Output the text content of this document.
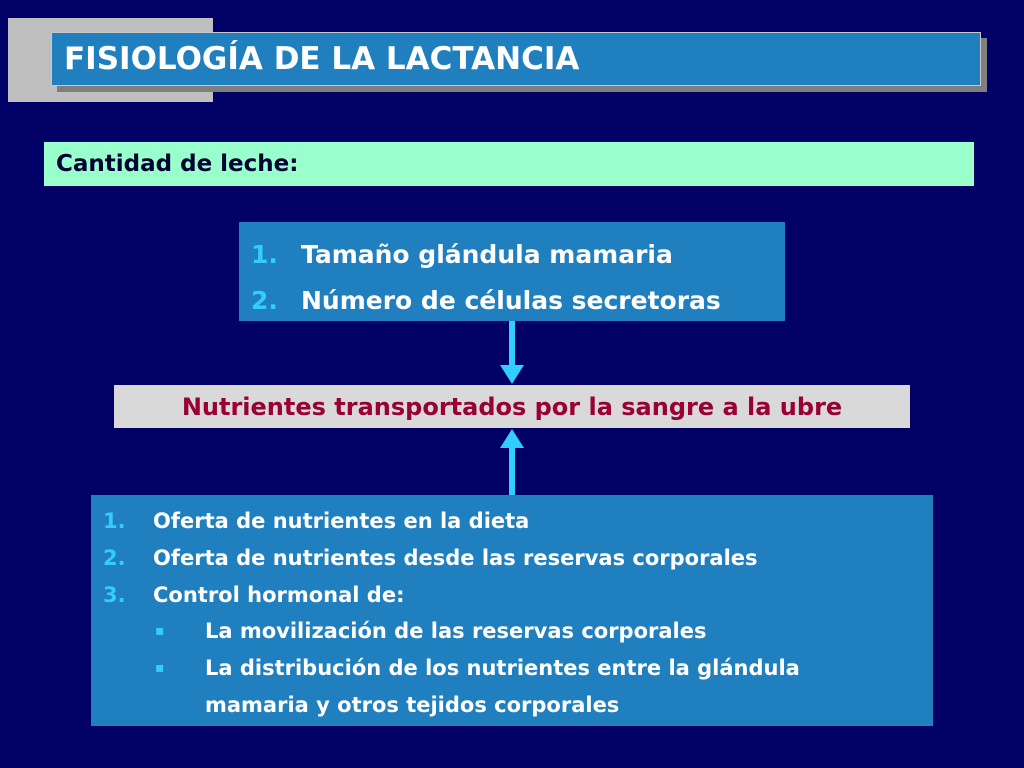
FISIOLOGÍA DE LA LACTANCIA
Cantidad de leche:
1. Tamaño glándula mamaria
2. Número de células secretoras
Nutrientes transportados por la sangre a la ubre
1.	Oferta de nutrientes en la dieta
2.	Oferta de nutrientes desde las reservas corporales
3.	Control hormonal de:
▪	La movilización de las reservas corporales
▪	La distribución de los nutrientes entre la glándula
mamaria y otros tejidos corporales
